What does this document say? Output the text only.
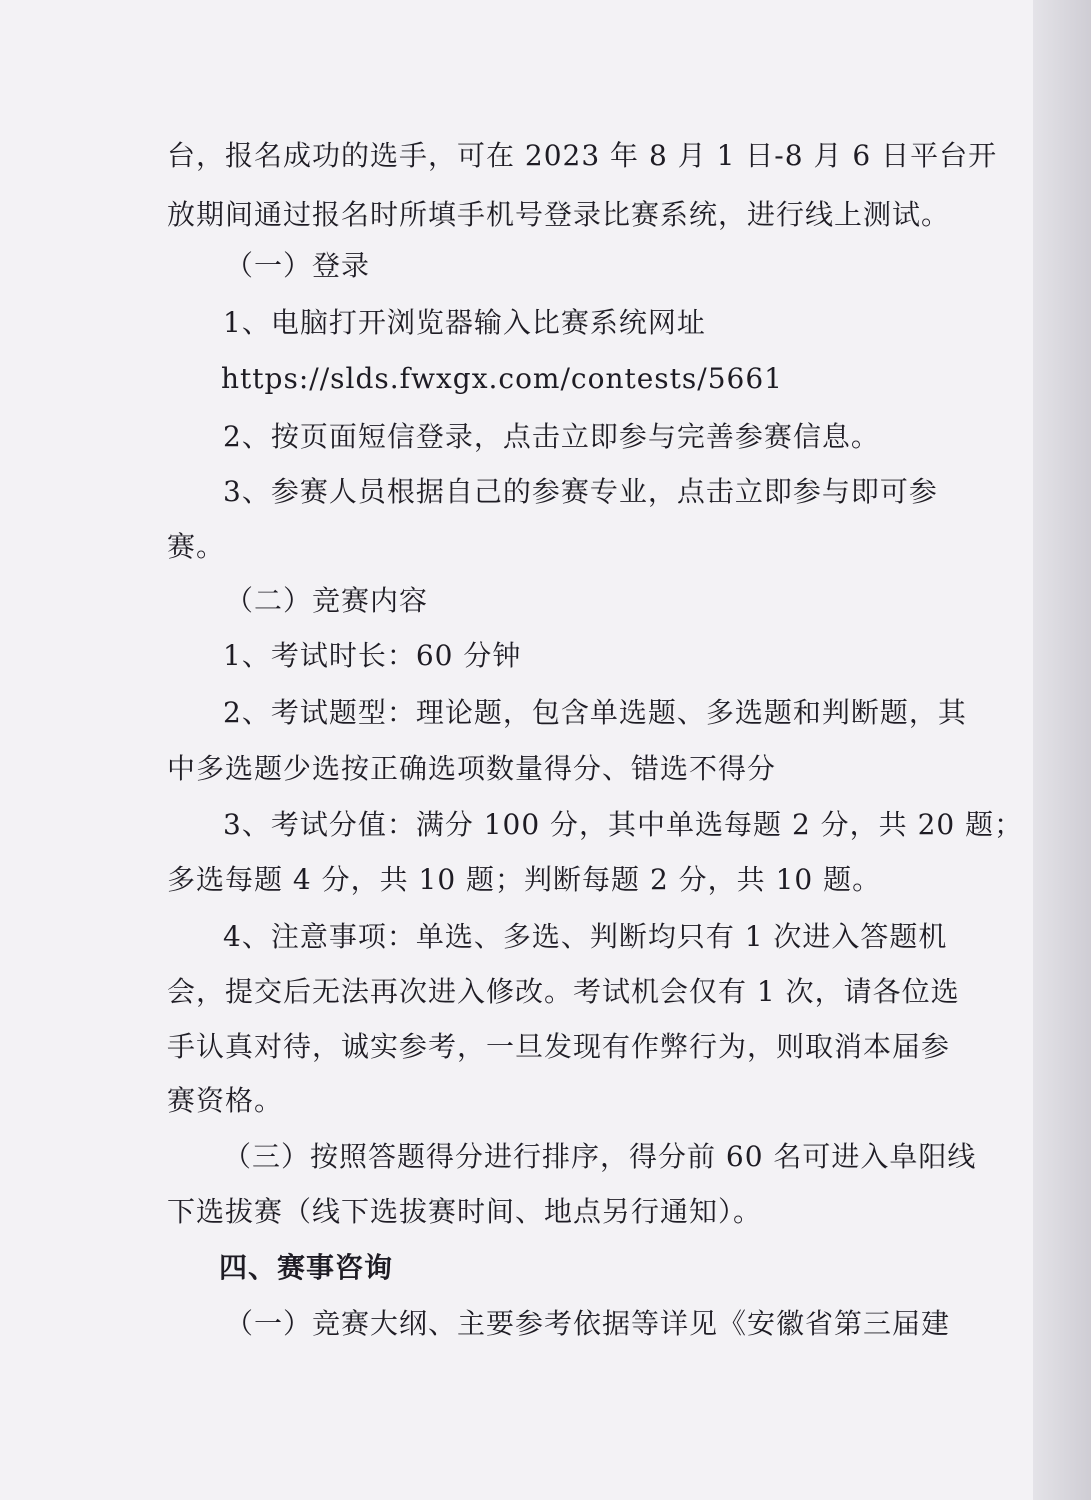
台，报名成功的选手，可在 2023 年 8 月 1 日-8 月 6 日平台开
放期间通过报名时所填手机号登录比赛系统，进行线上测试。
（一）登录
1、电脑打开浏览器输入比赛系统网址
https://slds.fwxgx.com/contests/5661
2、按页面短信登录，点击立即参与完善参赛信息。
3、参赛人员根据自己的参赛专业，点击立即参与即可参
赛。
（二）竞赛内容
1、考试时长：60 分钟
2、考试题型：理论题，包含单选题、多选题和判断题，其
中多选题少选按正确选项数量得分、错选不得分
3、考试分值：满分 100 分，其中单选每题 2 分，共 20 题；
多选每题 4 分，共 10 题；判断每题 2 分，共 10 题。
4、注意事项：单选、多选、判断均只有 1 次进入答题机
会，提交后无法再次进入修改。考试机会仅有 1 次，请各位选
手认真对待，诚实参考，一旦发现有作弊行为，则取消本届参
赛资格。
（三）按照答题得分进行排序，得分前 60 名可进入阜阳线
下选拔赛（线下选拔赛时间、地点另行通知）。
四、赛事咨询
（一）竞赛大纲、主要参考依据等详见《安徽省第三届建
